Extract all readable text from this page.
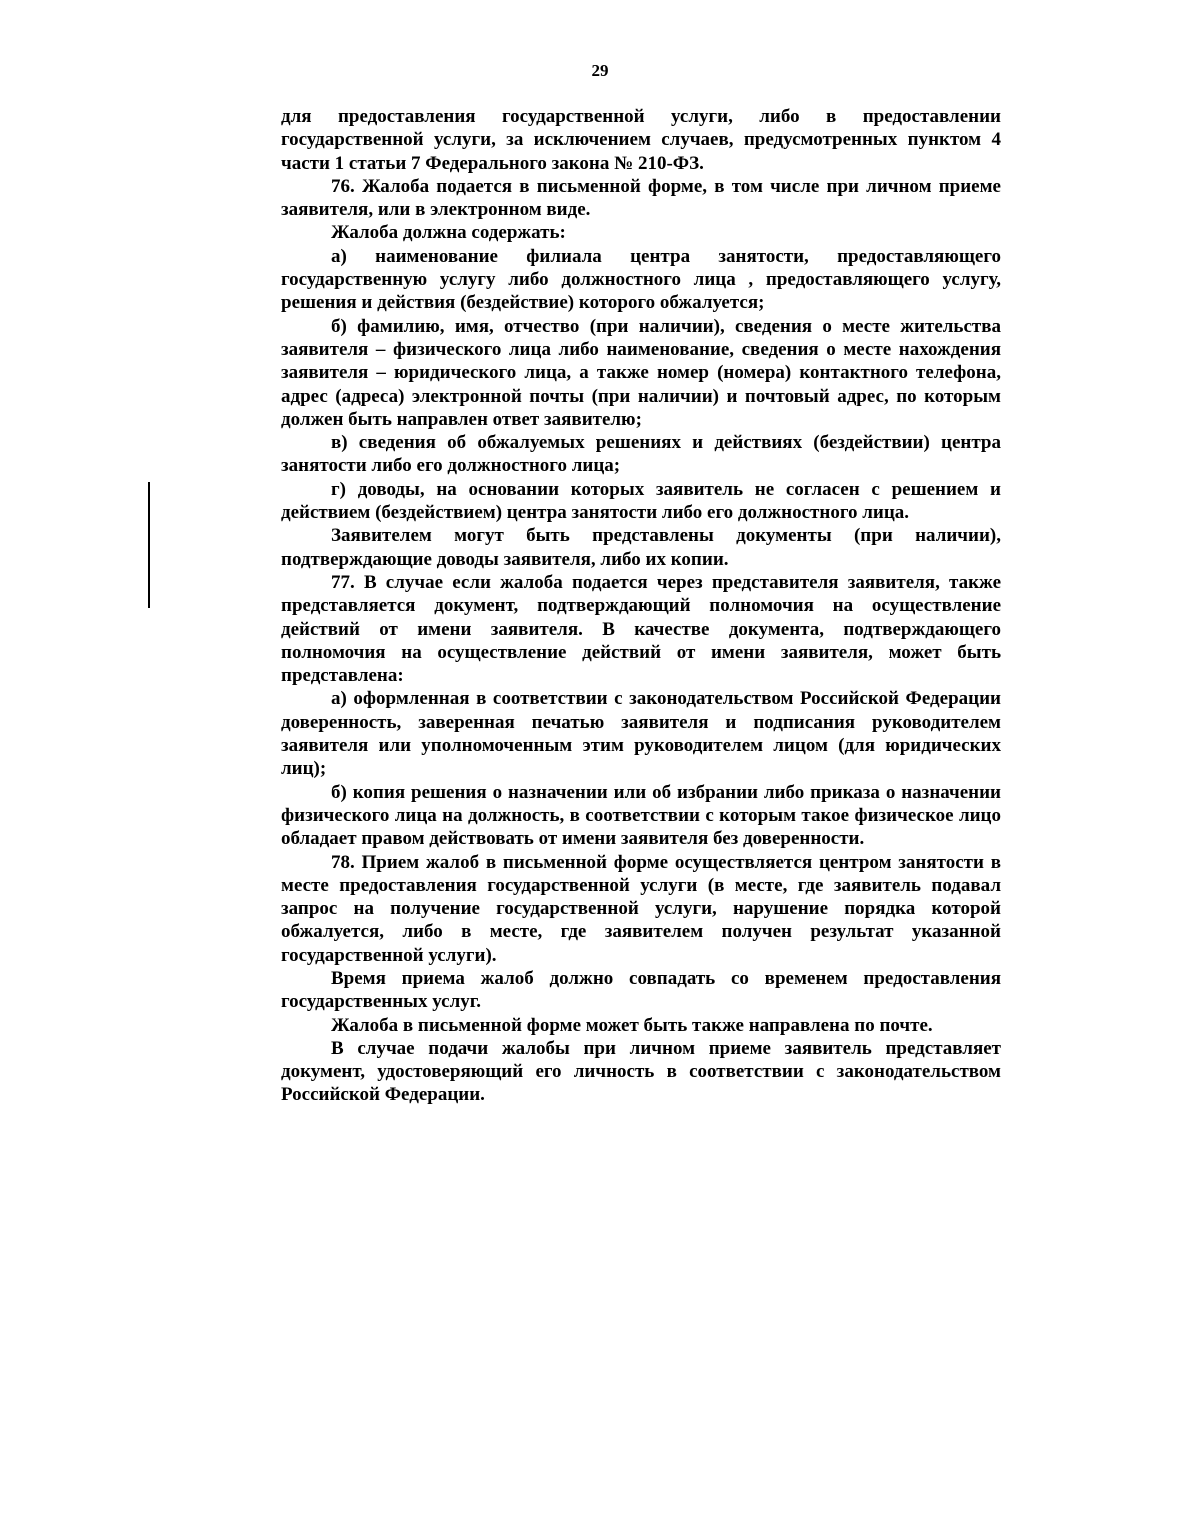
29

для предоставления государственной услуги, либо в предоставлении государственной услуги, за исключением случаев, предусмотренных пунктом 4 части 1 статьи 7 Федерального закона № 210-ФЗ.

76. Жалоба подается в письменной форме, в том числе при личном приеме заявителя, или в электронном виде.

Жалоба должна содержать:

а) наименование филиала центра занятости, предоставляющего государственную услугу либо должностного лица , предоставляющего услугу, решения и действия (бездействие) которого обжалуется;

б) фамилию, имя, отчество (при наличии), сведения о месте жительства заявителя – физического лица либо наименование, сведения о месте нахождения заявителя – юридического лица, а также номер (номера) контактного телефона, адрес (адреса) электронной почты (при наличии) и почтовый адрес, по которым должен быть направлен ответ заявителю;

в) сведения об обжалуемых решениях и действиях (бездействии) центра занятости либо его должностного лица;

г) доводы, на основании которых заявитель не согласен с решением и действием (бездействием) центра занятости либо его должностного лица.

Заявителем могут быть представлены документы (при наличии), подтверждающие доводы заявителя, либо их копии.

77. В случае если жалоба подается через представителя заявителя, также представляется документ, подтверждающий полномочия на осуществление действий от имени заявителя. В качестве документа, подтверждающего полномочия на осуществление действий от имени заявителя, может быть представлена:

а) оформленная в соответствии с законодательством Российской Федерации доверенность, заверенная печатью заявителя и подписания руководителем заявителя или уполномоченным этим руководителем лицом (для юридических лиц);

б) копия решения о назначении или об избрании либо приказа о назначении физического лица на должность, в соответствии с которым такое физическое лицо обладает правом действовать от имени заявителя без доверенности.

78. Прием жалоб в письменной форме осуществляется центром занятости в месте предоставления государственной услуги (в месте, где заявитель подавал запрос на получение государственной услуги, нарушение порядка которой обжалуется, либо в месте, где заявителем получен результат указанной государственной услуги).

Время приема жалоб должно совпадать со временем предоставления государственных услуг.

Жалоба в письменной форме может быть также направлена по почте.

В случае подачи жалобы при личном приеме заявитель представляет документ, удостоверяющий его личность в соответствии с законодательством Российской Федерации.
